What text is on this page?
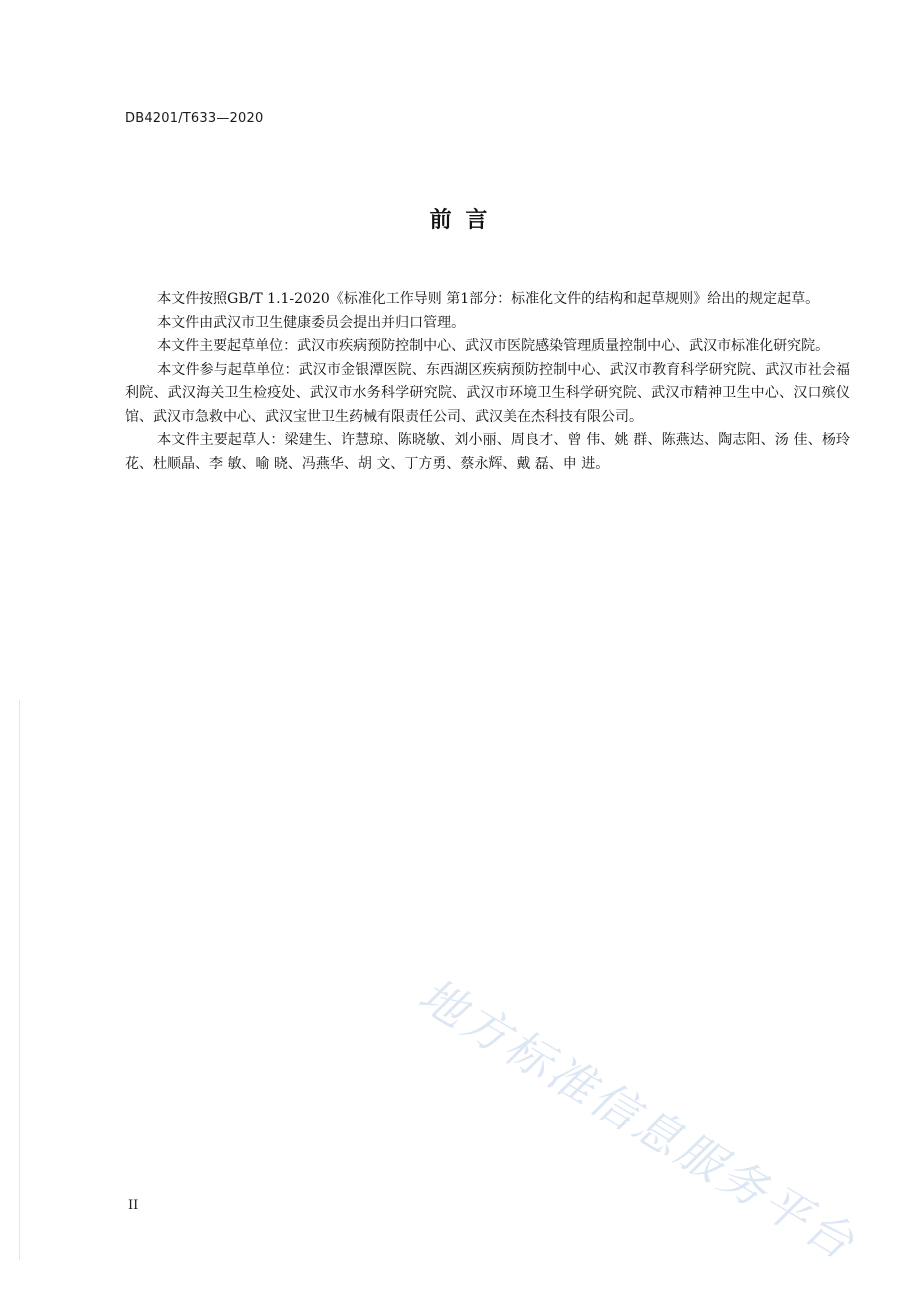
DB4201/T633—2020
前 言

本文件按照GB/T 1.1-2020《标准化工作导则 第1部分：标准化文件的结构和起草规则》给出的规定起草。

本文件由武汉市卫生健康委员会提出并归口管理。

本文件主要起草单位：武汉市疾病预防控制中心、武汉市医院感染管理质量控制中心、武汉市标准化研究院。

本文件参与起草单位：武汉市金银潭医院、东西湖区疾病预防控制中心、武汉市教育科学研究院、武汉市社会福利院、武汉海关卫生检疫处、武汉市水务科学研究院、武汉市环境卫生科学研究院、武汉市精神卫生中心、汉口殡仪馆、武汉市急救中心、武汉宝世卫生药械有限责任公司、武汉美在杰科技有限公司。

本文件主要起草人：梁建生、许慧琼、陈晓敏、刘小丽、周良才、曾 伟、姚 群、陈燕达、陶志阳、汤 佳、杨玲花、杜顺晶、李 敏、喻 晓、冯燕华、胡 文、丁方勇、蔡永辉、戴 磊、申 进。

地方标准信息服务平台
II
